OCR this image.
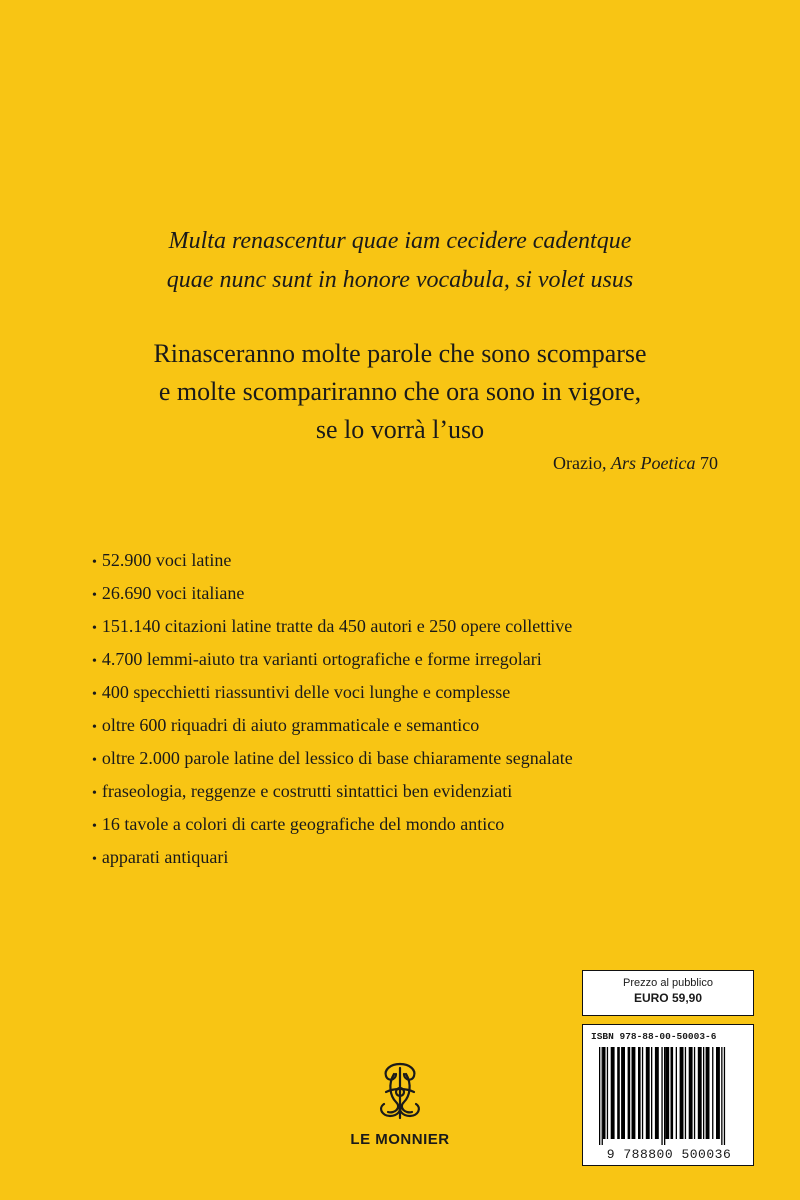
Multa renascentur quae iam cecidere cadentque
quae nunc sunt in honore vocabula, si volet usus
Rinasceranno molte parole che sono scomparse
e molte scompariranno che ora sono in vigore,
se lo vorrà l’uso
Orazio, Ars Poetica 70
• 52.900 voci latine
• 26.690 voci italiane
• 151.140 citazioni latine tratte da 450 autori e 250 opere collettive
• 4.700 lemmi-aiuto tra varianti ortografiche e forme irregolari
• 400 specchietti riassuntivi delle voci lunghe e complesse
• oltre 600 riquadri di aiuto grammaticale e semantico
• oltre 2.000 parole latine del lessico di base chiaramente segnalate
• fraseologia, reggenze e costrutti sintattici ben evidenziati
• 16 tavole a colori di carte geografiche del mondo antico
• apparati antiquari
LE MONNIER
Prezzo al pubblico
EURO 59,90
ISBN 978-88-00-50003-6
9 788800 500036
